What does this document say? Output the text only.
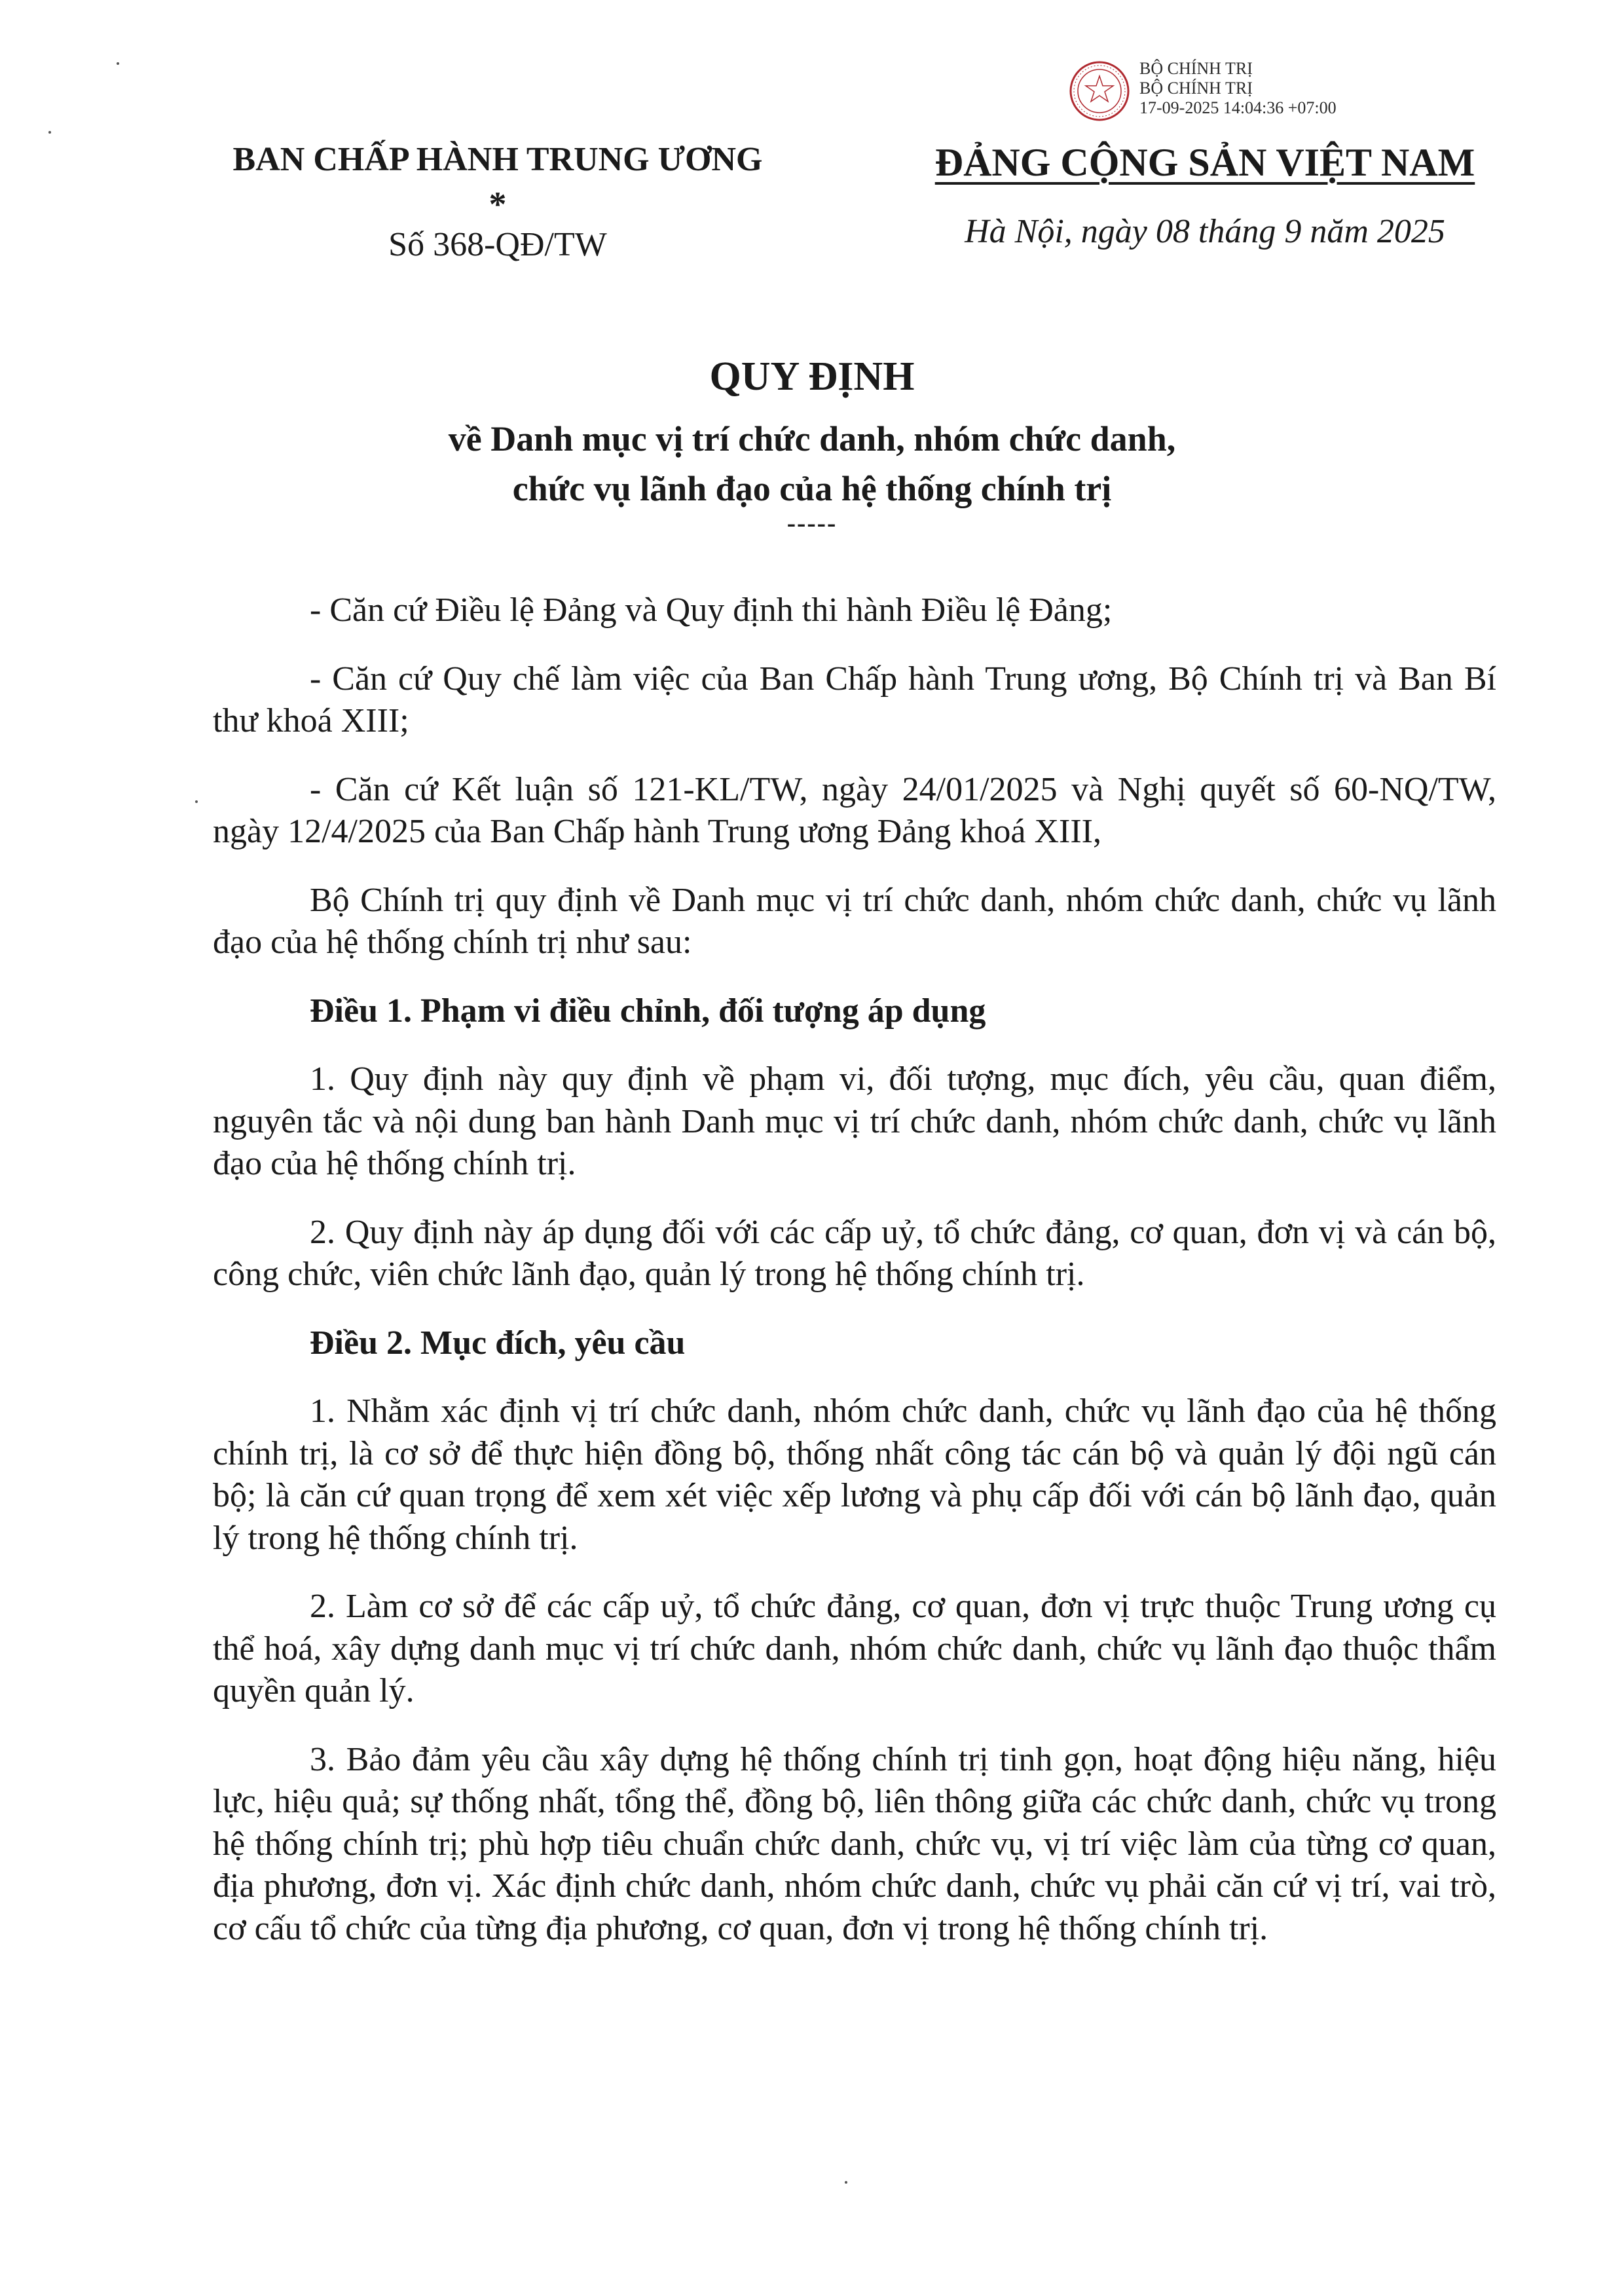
BAN CHẤP HÀNH TRUNG ƯƠNG
*
Số 368-QĐ/TW
ĐẢNG CỘNG SẢN VIỆT NAM
Hà Nội, ngày 08 tháng 9 năm 2025
BỘ CHÍNH TRỊ
BỘ CHÍNH TRỊ
17-09-2025 14:04:36 +07:00
QUY ĐỊNH
về Danh mục vị trí chức danh, nhóm chức danh,
chức vụ lãnh đạo của hệ thống chính trị
-----

- Căn cứ Điều lệ Đảng và Quy định thi hành Điều lệ Đảng;

- Căn cứ Quy chế làm việc của Ban Chấp hành Trung ương, Bộ Chính trị và Ban Bí thư khoá XIII;

- Căn cứ Kết luận số 121-KL/TW, ngày 24/01/2025 và Nghị quyết số 60-NQ/TW, ngày 12/4/2025 của Ban Chấp hành Trung ương Đảng khoá XIII,

Bộ Chính trị quy định về Danh mục vị trí chức danh, nhóm chức danh, chức vụ lãnh đạo của hệ thống chính trị như sau:

Điều 1. Phạm vi điều chỉnh, đối tượng áp dụng

1. Quy định này quy định về phạm vi, đối tượng, mục đích, yêu cầu, quan điểm, nguyên tắc và nội dung ban hành Danh mục vị trí chức danh, nhóm chức danh, chức vụ lãnh đạo của hệ thống chính trị.

2. Quy định này áp dụng đối với các cấp uỷ, tổ chức đảng, cơ quan, đơn vị và cán bộ, công chức, viên chức lãnh đạo, quản lý trong hệ thống chính trị.

Điều 2. Mục đích, yêu cầu

1. Nhằm xác định vị trí chức danh, nhóm chức danh, chức vụ lãnh đạo của hệ thống chính trị, là cơ sở để thực hiện đồng bộ, thống nhất công tác cán bộ và quản lý đội ngũ cán bộ; là căn cứ quan trọng để xem xét việc xếp lương và phụ cấp đối với cán bộ lãnh đạo, quản lý trong hệ thống chính trị.

2. Làm cơ sở để các cấp uỷ, tổ chức đảng, cơ quan, đơn vị trực thuộc Trung ương cụ thể hoá, xây dựng danh mục vị trí chức danh, nhóm chức danh, chức vụ lãnh đạo thuộc thẩm quyền quản lý.

3. Bảo đảm yêu cầu xây dựng hệ thống chính trị tinh gọn, hoạt động hiệu năng, hiệu lực, hiệu quả; sự thống nhất, tổng thể, đồng bộ, liên thông giữa các chức danh, chức vụ trong hệ thống chính trị; phù hợp tiêu chuẩn chức danh, chức vụ, vị trí việc làm của từng cơ quan, địa phương, đơn vị. Xác định chức danh, nhóm chức danh, chức vụ phải căn cứ vị trí, vai trò, cơ cấu tổ chức của từng địa phương, cơ quan, đơn vị trong hệ thống chính trị.
